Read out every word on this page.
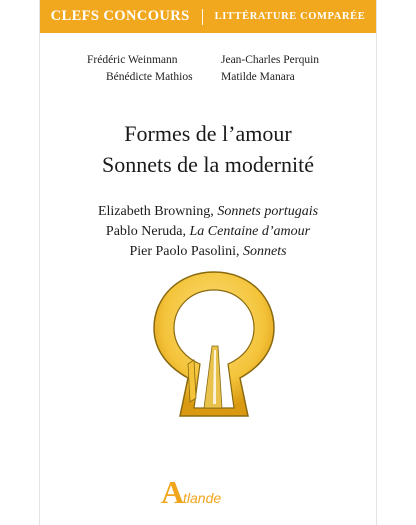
CLEFS CONCOURS LITTÉRATURE COMPARÉE
Frédéric Weinmann	Jean-Charles Perquin
Bénédicte Mathios Matilde Manara
Formes de l’amour
Sonnets de la modernité
Elizabeth Browning, Sonnets portugais
Pablo Neruda, La Centaine d’amour
Pier Paolo Pasolini, Sonnets
A
tlande
